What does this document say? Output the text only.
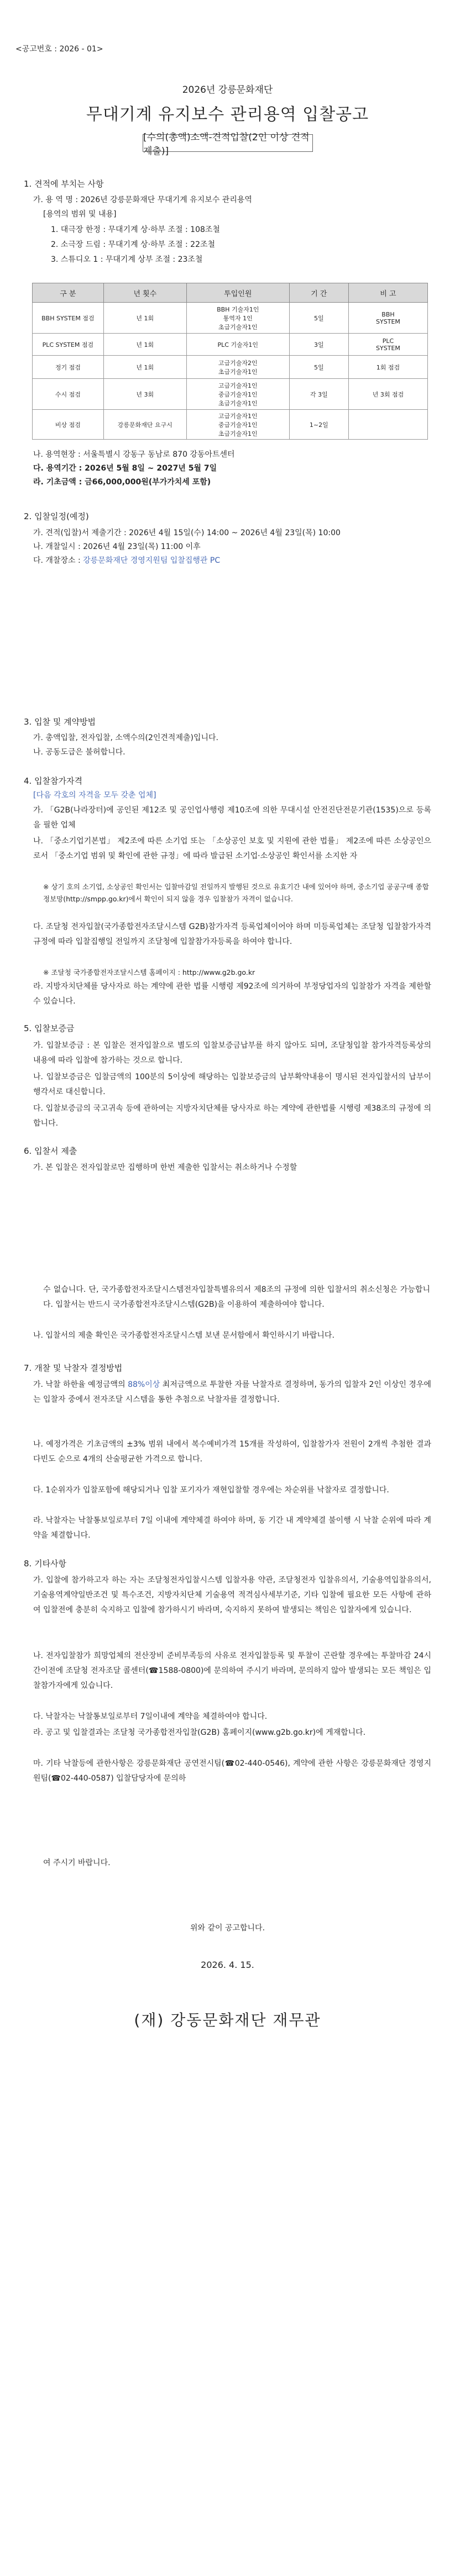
<공고번호 : 2026 - 01>
2026년 강릉문화재단
무대기계 유지보수 관리용역 입찰공고
[수의(총액)소액-견적입찰(2인 이상 견적 제출)]
1. 견적에 부치는 사항
가. 용 역 명 : 2026년 강릉문화재단 무대기계 유지보수 관리용역
[용역의 범위 및 내용]
1. 대극장 한정 : 무대기계 상·하부 조절 : 108조철
2. 소극장 드림 : 무대기계 상·하부 조절 : 22조철
3. 스튜디오 1 : 무대기계 상부 조절 : 23조철
구 분	년 횟수	투입인원	기 간	비 고
BBH SYSTEM 점검	년 1회	BBH 기술자1인
통역자 1인
초급기술자1인	5일	BBH
SYSTEM
PLC SYSTEM 점검	년 1회	PLC 기술자1인	3일	PLC
SYSTEM
정기 점검	년 1회	고급기술자2인
초급기술자1인	5일	1회 점검
수시 점검	년 3회	고급기술자1인
중급기술자1인
초급기술자1인	각 3일	년 3회 점검
비상 점검	강릉문화재단 요구시	고급기술자1인
중급기술자1인
초급기술자1인	1~2일	
나. 용역현장 : 서울특별시 강동구 동남로 870 강동아트센터
다. 용역기간 : 2026년 5월 8일 ~ 2027년 5월 7일
라. 기초금액 : 금66,000,000원(부가가치세 포함)
2. 입찰일정(예정)
가. 견적(입찰)서 제출기간 : 2026년 4월 15일(수) 14:00 ~ 2026년 4월 23일(목) 10:00
나. 개찰일시 : 2026년 4월 23일(목) 11:00 이후
다. 개찰장소 : 강릉문화재단 경영지원팀 입찰집행관 PC
3. 입찰 및 계약방법
가. 총액입찰, 전자입찰, 소액수의(2인견적제출)입니다.
나. 공동도급은 불허합니다.
4. 입찰참가자격
[다음 각호의 자격을 모두 갖춘 업체]
가. 「G2B(나라장터)에 공인된 제12조 및 공인업사행령 제10조에 의한 무대시설 안전진단전문기관(1535)으로 등록을 필한 업체
나. 「중소기업기본법」 제2조에 따른 소기업 또는 「소상공인 보호 및 지원에 관한 법률」 제2조에 따른 소상공인으로서 「중소기업 범위 및 확인에 관한 규정」에 따라 발급된 소기업·소상공인 확인서를 소지한 자
※ 상기 호의 소기업, 소상공인 확인서는 입찰마감일 전일까지 발행된 것으로 유효기간 내에 있어야 하며, 중소기업 공공구매 종합정보망(http://smpp.go.kr)에서 확인이 되지 않을 경우 입찰참가 자격이 없습니다.
다. 조달청 전자입찰(국가종합전자조달시스템 G2B)참가자격 등록업체이어야 하며 미등록업체는 조달청 입찰참가자격 규정에 따라 입찰집행일 전일까지 조달청에 입찰참가자등록을 하여야 합니다.
※ 조달청 국가종합전자조달시스템 홈페이지 : http://www.g2b.go.kr
라. 지방자치단체를 당사자로 하는 계약에 관한 법률 시행령 제92조에 의거하여 부정당업자의 입찰참가 자격을 제한할 수 있습니다.
5. 입찰보증금
가. 입찰보증금 : 본 입찰은 전자입찰으로 별도의 입찰보증금납부를 하지 않아도 되며, 조달청입찰 참가자격등록상의 내용에 따라 입찰에 참가하는 것으로 합니다.
나. 입찰보증금은 입찰금액의 100분의 5이상에 해당하는 입찰보증금의 납부확약내용이 명시된 전자입찰서의 납부이행각서로 대신합니다.
다. 입찰보증금의 국고귀속 등에 관하여는 지방자치단체를 당사자로 하는 계약에 관한법률 시행령 제38조의 규정에 의합니다.
6. 입찰서 제출
가. 본 입찰은 전자입찰로만 집행하며 한번 제출한 입찰서는 취소하거나 수정할
수 없습니다. 단, 국가종합전자조달시스템전자입찰특별유의서 제8조의 규정에 의한 입찰서의 취소신청은 가능합니다. 입찰서는 반드시 국가종합전자조달시스템(G2B)을 이용하여 제출하여야 합니다.
나. 입찰서의 제출 확인은 국가종합전자조달시스템 보낸 문서함에서 확인하시기 바랍니다.
7. 개찰 및 낙찰자 결정방법
가. 낙찰 하한율 예정금액의 88%이상 최저금액으로 투찰한 자를 낙찰자로 결정하며, 동가의 입찰자 2인 이상인 경우에는 입찰자 중에서 전자조달 시스템을 통한 추첨으로 낙찰자를 결정합니다.
나. 예정가격은 기초금액의 ±3% 범위 내에서 복수예비가격 15개를 작성하여, 입찰참가자 전원이 2개씩 추첨한 결과 다빈도 순으로 4개의 산술평균한 가격으로 합니다.
다. 1순위자가 입찰포함에 해당되거나 입찰 포기자가 재현입찰할 경우에는 차순위를 낙찰자로 결정합니다.
라. 낙찰자는 낙찰통보일로부터 7일 이내에 계약체결 하여야 하며, 동 기간 내 계약체결 불이행 시 낙찰 순위에 따라 계약을 체결합니다.
8. 기타사항
가. 입찰에 참가하고자 하는 자는 조달청전자입찰시스템 입찰자용 약관, 조달청전자 입찰유의서, 기술용역입찰유의서, 기술용역계약일반조건 및 특수조건, 지방자치단체 기술용역 적격심사세부기준, 기타 입찰에 필요한 모든 사항에 관하여 입찰전에 충분히 숙지하고 입찰에 참가하시기 바라며, 숙지하지 못하여 발생되는 책임은 입찰자에게 있습니다.
나. 전자입찰참가 희망업체의 전산장비 준비부족등의 사유로 전자입찰등록 및 투찰이 곤란할 경우에는 투찰마감 24시간이전에 조달청 전자조달 콜센터(☎1588-0800)에 문의하여 주시기 바라며, 문의하지 않아 발생되는 모든 책임은 입찰참가자에게 있습니다.
다. 낙찰자는 낙찰통보일로부터 7일이내에 계약을 체결하여야 합니다.
라. 공고 및 입찰결과는 조달청 국가종합전자입찰(G2B) 홈페이지(www.g2b.go.kr)에 게재합니다.
마. 기타 낙찰등에 관한사항은 강릉문화재단 공연전시팀(☎02-440-0546), 계약에 관한 사항은 강릉문화재단 경영지원팀(☎02-440-0587) 입찰담당자에 문의하
여 주시기 바랍니다.
위와 같이 공고합니다.
2026. 4. 15.
(재) 강동문화재단 재무관
